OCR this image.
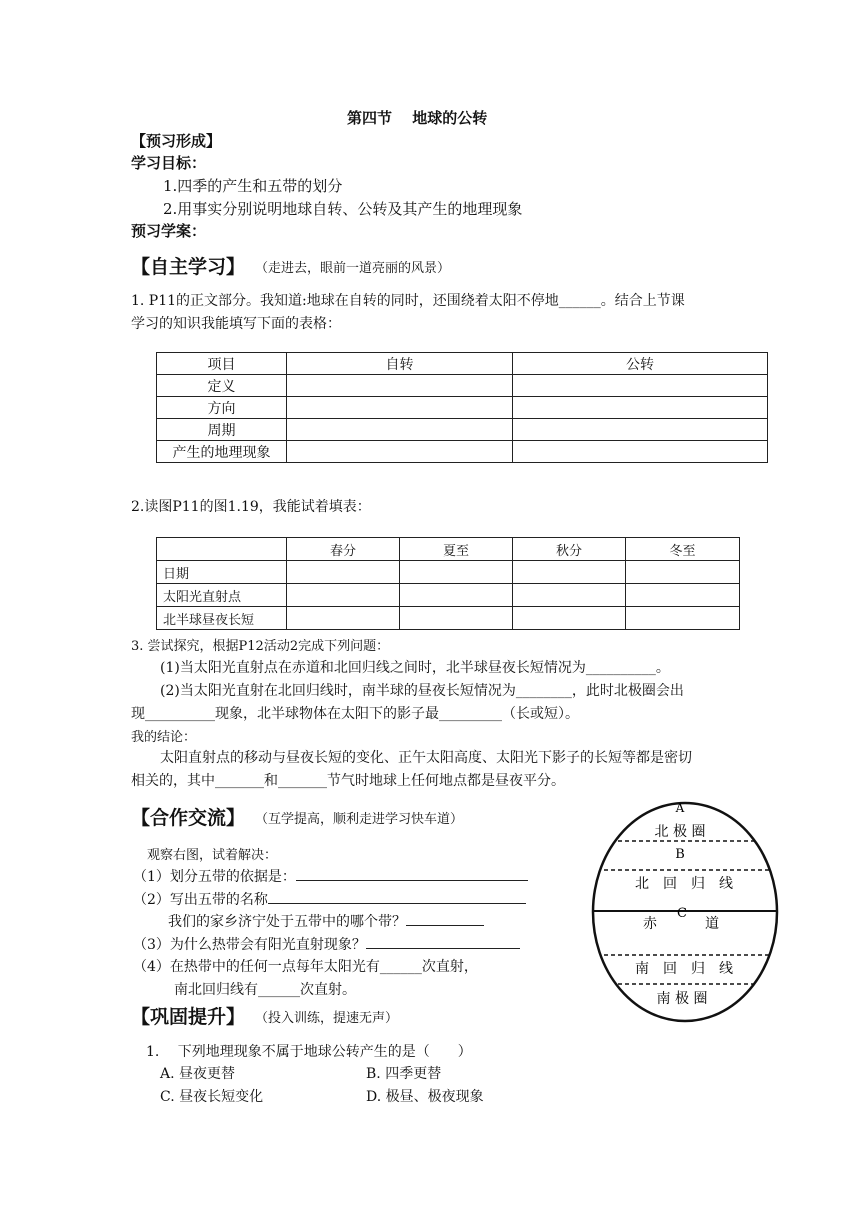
第四节　 地球的公转
【预习形成】
学习目标：
1.四季的产生和五带的划分
2.用事实分别说明地球自转、公转及其产生的地理现象
预习学案：
【自主学习】 （走进去，眼前一道亮丽的风景）
1. P11的正文部分。我知道:地球在自转的同时，还围绕着太阳不停地______。结合上节课
学习的知识我能填写下面的表格：
项目	自转	公转
定义		
方向		
周期		
产生的地理现象		
2.读图P11的图1.19，我能试着填表：
	春分	夏至	秋分	冬至
日期				
太阳光直射点				
北半球昼夜长短				
3. 尝试探究，根据P12活动2完成下列问题：
(1)当太阳光直射点在赤道和北回归线之间时，北半球昼夜长短情况为__________。
(2)当太阳光直射在北回归线时，南半球的昼夜长短情况为________，此时北极圈会出
现__________现象，北半球物体在太阳下的影子最_________（长或短）。
我的结论：
太阳直射点的移动与昼夜长短的变化、正午太阳高度、太阳光下影子的长短等都是密切
相关的，其中_______和_______节气时地球上任何地点都是昼夜平分。
【合作交流】 （互学提高，顺利走进学习快车道）
观察右图，试着解决：
（1）划分五带的依据是：
（2）写出五带的名称
我们的家乡济宁处于五带中的哪个带？
（3）为什么热带会有阳光直射现象？
（4）在热带中的任何一点每年太阳光有______次直射，
南北回归线有______次直射。
A
北 极 圈
B
北　回　归　线
C
赤	道
南　回　归　线
南 极 圈
【巩固提升】 （投入训练，提速无声）
1.　 下列地理现象不属于地球公转产生的是（　　）
A. 昼夜更替	B. 四季更替
C. 昼夜长短变化	D. 极昼、极夜现象
